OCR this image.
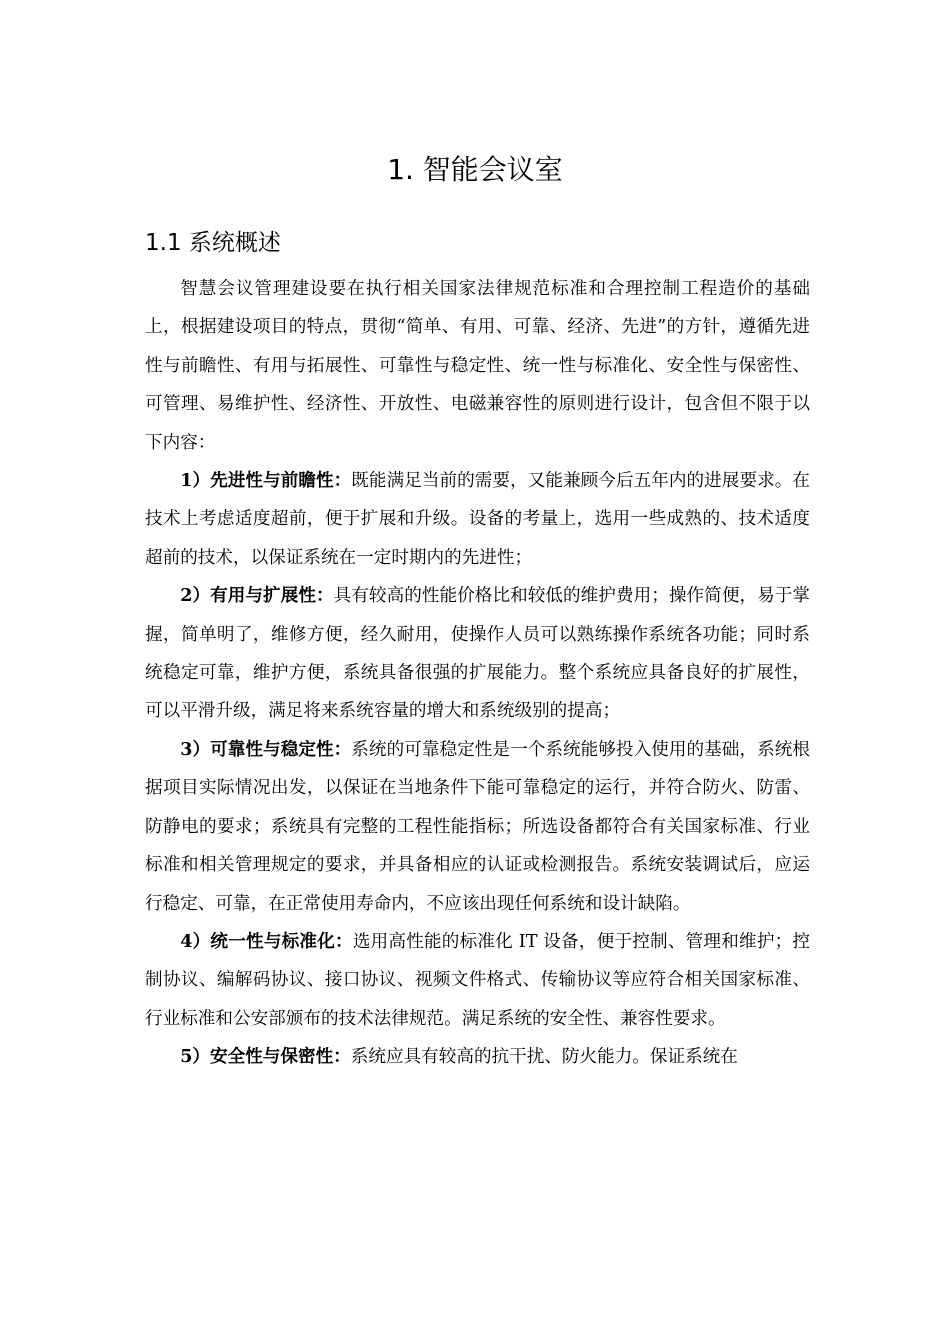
1. 智能会议室
1.1 系统概述

智慧会议管理建设要在执行相关国家法律规范标准和合理控制工程造价的基础上，根据建设项目的特点，贯彻“简单、有用、可靠、经济、先进”的方针，遵循先进性与前瞻性、有用与拓展性、可靠性与稳定性、统一性与标准化、安全性与保密性、可管理、易维护性、经济性、开放性、电磁兼容性的原则进行设计，包含但不限于以下内容：

1）先进性与前瞻性：既能满足当前的需要，又能兼顾今后五年内的进展要求。在技术上考虑适度超前，便于扩展和升级。设备的考量上，选用一些成熟的、技术适度超前的技术，以保证系统在一定时期内的先进性；

2）有用与扩展性：具有较高的性能价格比和较低的维护费用；操作简便，易于掌握，简单明了，维修方便，经久耐用，使操作人员可以熟练操作系统各功能；同时系统稳定可靠，维护方便，系统具备很强的扩展能力。整个系统应具备良好的扩展性，可以平滑升级，满足将来系统容量的增大和系统级别的提高；

3）可靠性与稳定性：系统的可靠稳定性是一个系统能够投入使用的基础，系统根据项目实际情况出发，以保证在当地条件下能可靠稳定的运行，并符合防火、防雷、防静电的要求；系统具有完整的工程性能指标；所选设备都符合有关国家标准、行业标准和相关管理规定的要求，并具备相应的认证或检测报告。系统安装调试后，应运行稳定、可靠，在正常使用寿命内，不应该出现任何系统和设计缺陷。

4）统一性与标准化：选用高性能的标准化 IT 设备，便于控制、管理和维护；控制协议、编解码协议、接口协议、视频文件格式、传输协议等应符合相关国家标准、行业标准和公安部颁布的技术法律规范。满足系统的安全性、兼容性要求。

5）安全性与保密性：系统应具有较高的抗干扰、防火能力。保证系统在
